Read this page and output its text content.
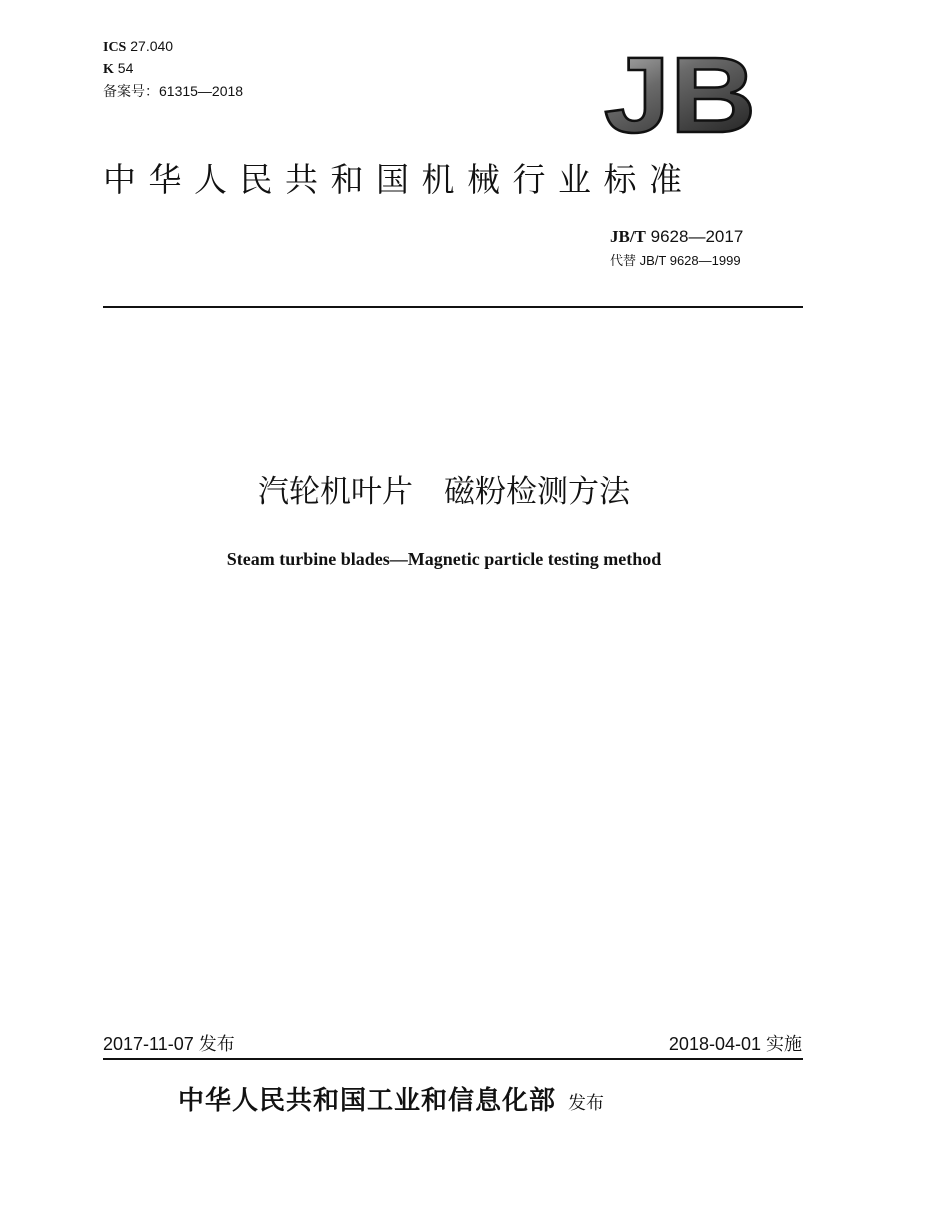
ICS 27.040
K 54
备案号：61315—2018	JB
中华人民共和国机械行业标准
JB/T 9628—2017
代替 JB/T 9628—1999
汽轮机叶片　磁粉检测方法
Steam turbine blades—Magnetic particle testing method
2017-11-07 发布	2018-04-01 实施
中华人民共和国工业和信息化部 发布
